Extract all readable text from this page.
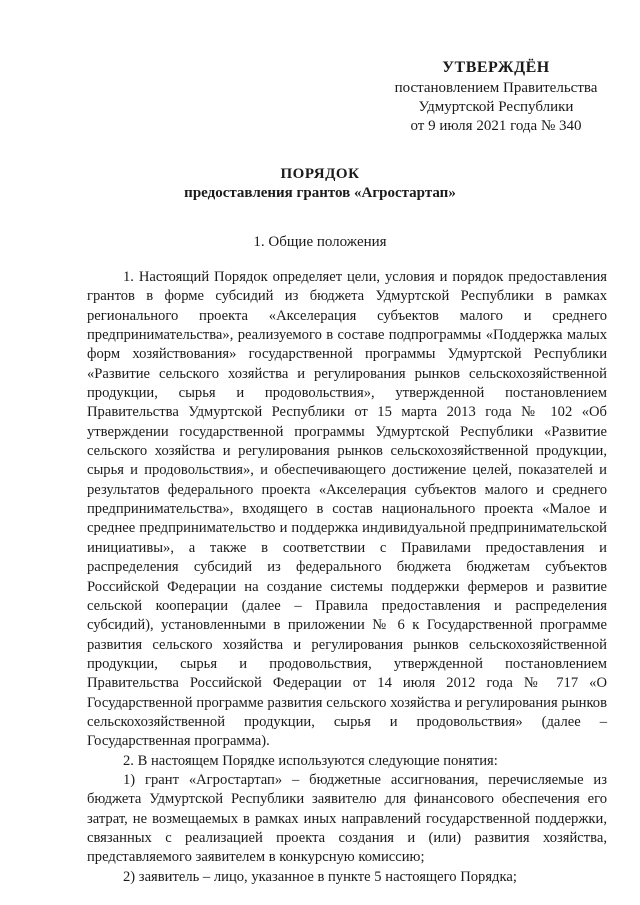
УТВЕРЖДЁН
постановлением Правительства
Удмуртской Республики
от 9 июля 2021 года № 340
ПОРЯДОК
предоставления грантов «Агростартап»
1. Общие положения

1. Настоящий Порядок определяет цели, условия и порядок предоставления грантов в форме субсидий из бюджета Удмуртской Республики в рамках регионального проекта «Акселерация субъектов малого и среднего предпринимательства», реализуемого в составе подпрограммы «Поддержка малых форм хозяйствования» государственной программы Удмуртской Республики «Развитие сельского хозяйства и регулирования рынков сельскохозяйственной продукции, сырья и продовольствия», утвержденной постановлением Правительства Удмуртской Республики от 15 марта 2013 года № 102 «Об утверждении государственной программы Удмуртской Республики «Развитие сельского хозяйства и регулирования рынков сельскохозяйственной продукции, сырья и продовольствия», и обеспечивающего достижение целей, показателей и результатов федерального проекта «Акселерация субъектов малого и среднего предпринимательства», входящего в состав национального проекта «Малое и среднее предпринимательство и поддержка индивидуальной предпринимательской инициативы», а также в соответствии с Правилами предоставления и распределения субсидий из федерального бюджета бюджетам субъектов Российской Федерации на создание системы поддержки фермеров и развитие сельской кооперации (далее – Правила предоставления и распределения субсидий), установленными в приложении № 6 к Государственной программе развития сельского хозяйства и регулирования рынков сельскохозяйственной продукции, сырья и продовольствия, утвержденной постановлением Правительства Российской Федерации от 14 июля 2012 года № 717 «О Государственной программе развития сельского хозяйства и регулирования рынков сельскохозяйственной продукции, сырья и продовольствия» (далее – Государственная программа).

2. В настоящем Порядке используются следующие понятия:

1) грант «Агростартап» – бюджетные ассигнования, перечисляемые из бюджета Удмуртской Республики заявителю для финансового обеспечения его затрат, не возмещаемых в рамках иных направлений государственной поддержки, связанных с реализацией проекта создания и (или) развития хозяйства, представляемого заявителем в конкурсную комиссию;

2) заявитель – лицо, указанное в пункте 5 настоящего Порядка;
